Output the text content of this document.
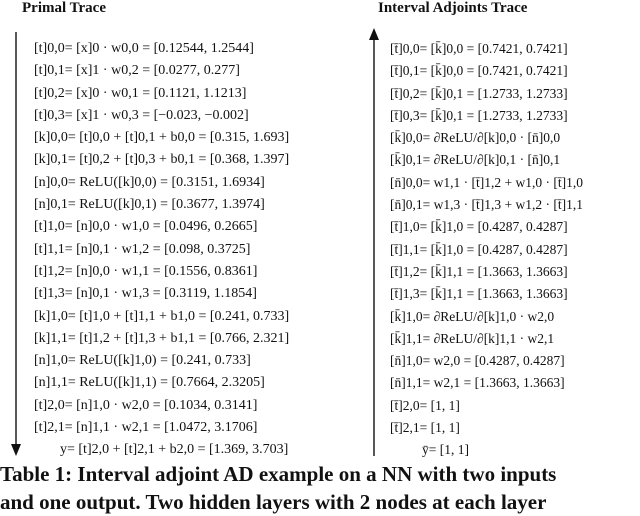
Primal Trace	Interval Adjoints Trace
[t]0,0= [x]0 · w0,0 = [0.12544, 1.2544]
[t]0,1= [x]1 · w0,2 = [0.0277, 0.277]
[t]0,2= [x]0 · w0,1 = [0.1121, 1.1213]
[t]0,3= [x]1 · w0,3 = [−0.023, −0.002]
[k]0,0= [t]0,0 + [t]0,1 + b0,0 = [0.315, 1.693]
[k]0,1= [t]0,2 + [t]0,3 + b0,1 = [0.368, 1.397]
[n]0,0= ReLU([k]0,0) = [0.3151, 1.6934]
[n]0,1= ReLU([k]0,1) = [0.3677, 1.3974]
[t]1,0= [n]0,0 · w1,0 = [0.0496, 0.2665]
[t]1,1= [n]0,1 · w1,2 = [0.098, 0.3725]
[t]1,2= [n]0,0 · w1,1 = [0.1556, 0.8361]
[t]1,3= [n]0,1 · w1,3 = [0.3119, 1.1854]
[k]1,0= [t]1,0 + [t]1,1 + b1,0 = [0.241, 0.733]
[k]1,1= [t]1,2 + [t]1,3 + b1,1 = [0.766, 2.321]
[n]1,0= ReLU([k]1,0) = [0.241, 0.733]
[n]1,1= ReLU([k]1,1) = [0.7664, 2.3205]
[t]2,0= [n]1,0 · w2,0 = [0.1034, 0.3141]
[t]2,1= [n]1,1 · w2,1 = [1.0472, 3.1706]
y= [t]2,0 + [t]2,1 + b2,0 = [1.369, 3.703]
[t̄]0,0= [k̄]0,0 = [0.7421, 0.7421]
[t̄]0,1= [k̄]0,0 = [0.7421, 0.7421]
[t̄]0,2= [k̄]0,1 = [1.2733, 1.2733]
[t̄]0,3= [k̄]0,1 = [1.2733, 1.2733]
[k̄]0,0= ∂ReLU/∂[k]0,0 · [n̄]0,0
[k̄]0,1= ∂ReLU/∂[k]0,1 · [n̄]0,1
[n̄]0,0= w1,1 · [t̄]1,2 + w1,0 · [t̄]1,0
[n̄]0,1= w1,3 · [t̄]1,3 + w1,2 · [t̄]1,1
[t̄]1,0= [k̄]1,0 = [0.4287, 0.4287]
[t̄]1,1= [k̄]1,0 = [0.4287, 0.4287]
[t̄]1,2= [k̄]1,1 = [1.3663, 1.3663]
[t̄]1,3= [k̄]1,1 = [1.3663, 1.3663]
[k̄]1,0= ∂ReLU/∂[k]1,0 · w2,0
[k̄]1,1= ∂ReLU/∂[k]1,1 · w2,1
[n̄]1,0= w2,0 = [0.4287, 0.4287]
[n̄]1,1= w2,1 = [1.3663, 1.3663]
[t̄]2,0= [1, 1]
[t̄]2,1= [1, 1]
ȳ= [1, 1]
Table 1: Interval adjoint AD example on a NN with two inputs
and one output. Two hidden layers with 2 nodes at each layer
